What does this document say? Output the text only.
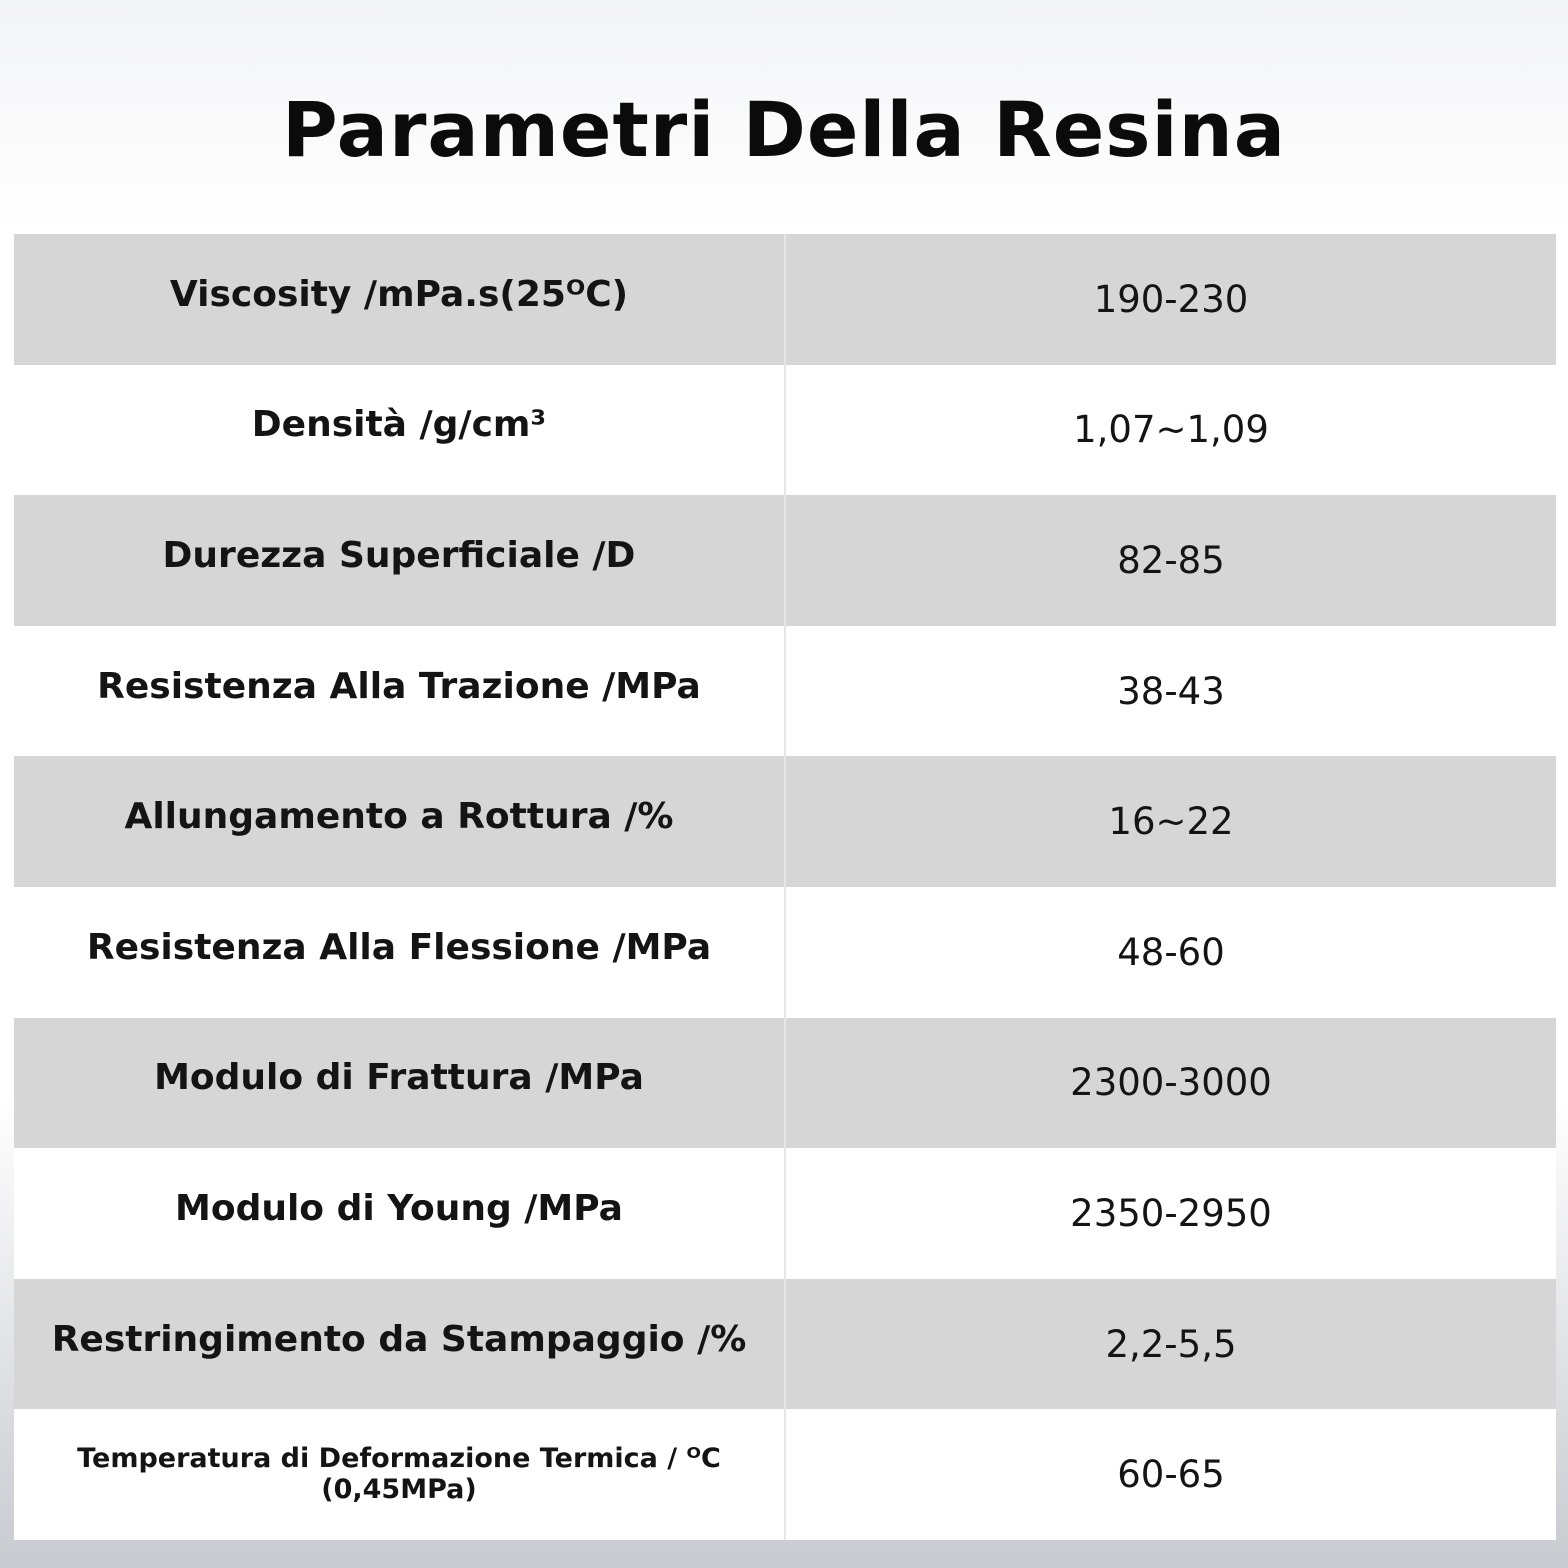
Parametri Della Resina
Viscosity /mPa.s(25ᴼC)	190-230
Densità /g/cm³	1,07~1,09
Durezza Superficiale /D	82-85
Resistenza Alla Trazione /MPa	38-43
Allungamento a Rottura /%	16~22
Resistenza Alla Flessione /MPa	48-60
Modulo di Frattura /MPa	2300-3000
Modulo di Young /MPa	2350-2950
Restringimento da Stampaggio /%	2,2-5,5
Temperatura di Deformazione Termica / ᴼC (0,45MPa)	60-65
